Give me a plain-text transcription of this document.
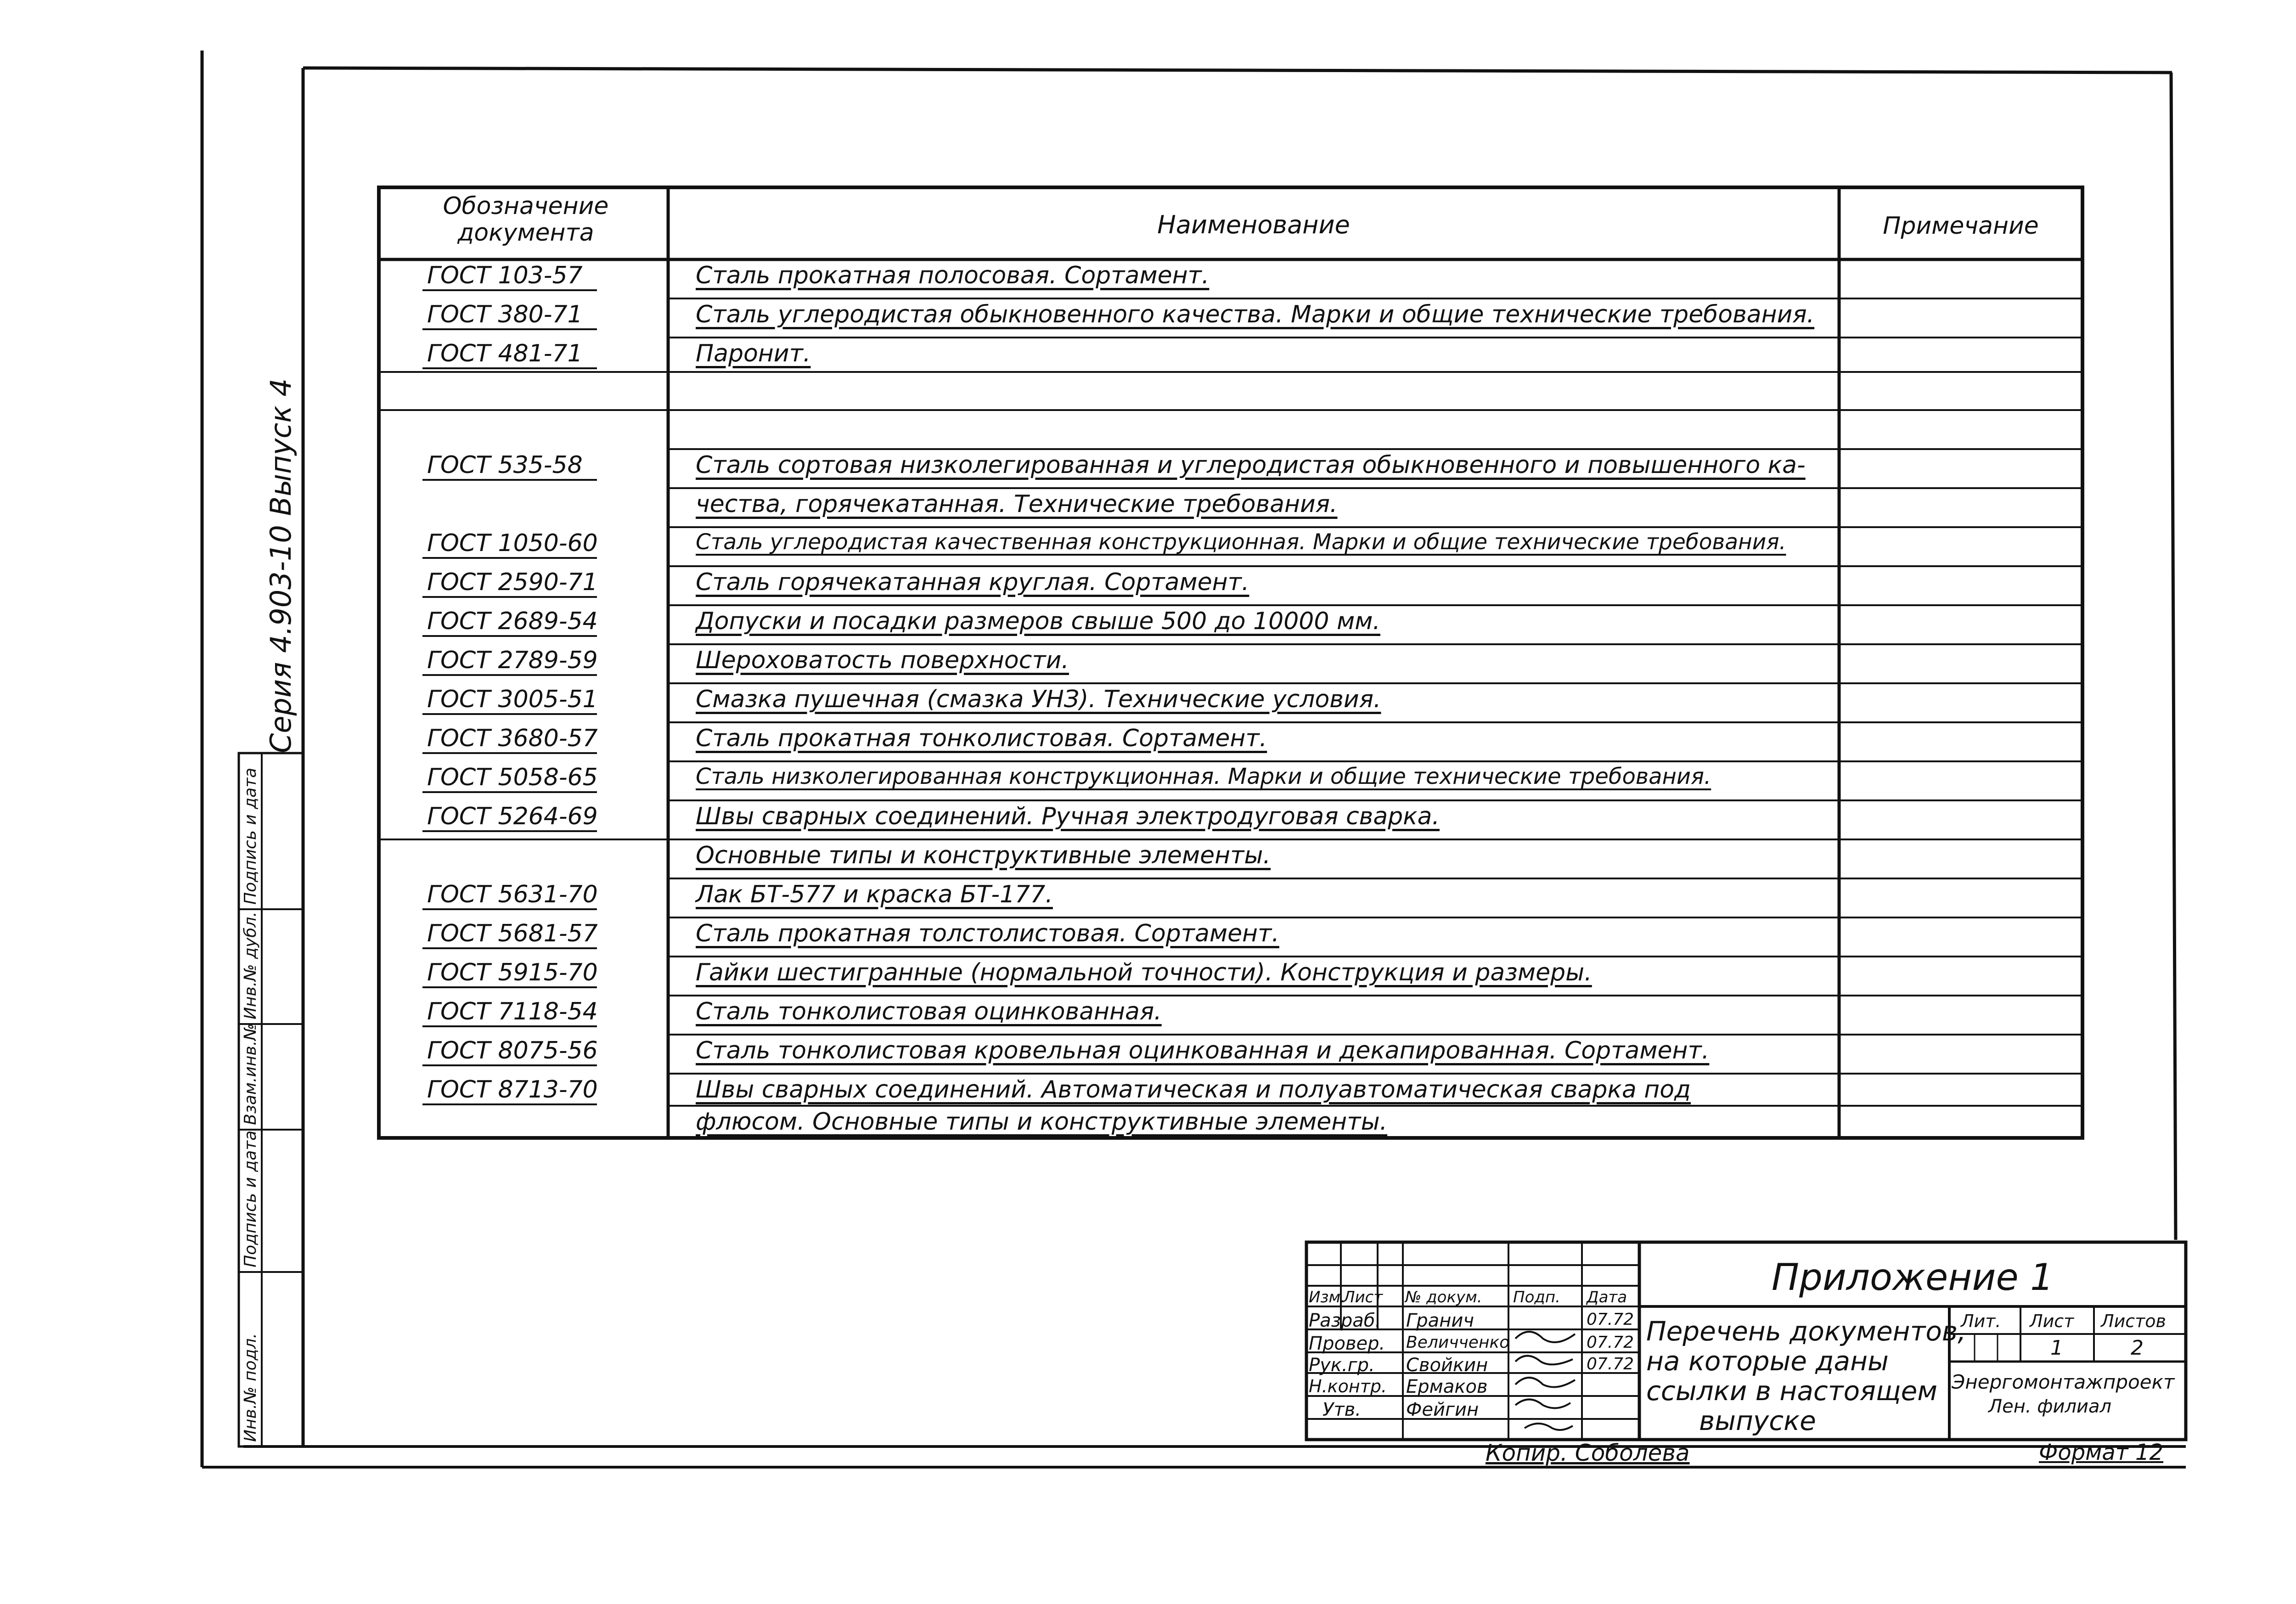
Серия 4.903-10 Выпуск 4
Инв.№ подл.
Подпись и дата
Взам.инв.№
Инв.№ дубл.
Подпись и дата
Обозначение документа	Наименование	Примечание
ГОСТ 103-57	Сталь прокатная полосовая. Сортамент.
ГОСТ 380-71	Сталь углеродистая обыкновенного качества. Марки и общие технические требования.
ГОСТ 481-71	Паронит.
ГОСТ 535-58	Сталь сортовая низколегированная и углеродистая обыкновенного и повышенного ка-
чества, горячекатанная. Технические требования.
ГОСТ 1050-60	Сталь углеродистая качественная конструкционная. Марки и общие технические требования.
ГОСТ 2590-71	Сталь горячекатанная круглая. Сортамент.
ГОСТ 2689-54	Допуски и посадки размеров свыше 500 до 10000 мм.
ГОСТ 2789-59	Шероховатость поверхности.
ГОСТ 3005-51	Смазка пушечная (смазка УНЗ). Технические условия.
ГОСТ 3680-57	Сталь прокатная тонколистовая. Сортамент.
ГОСТ 5058-65	Сталь низколегированная конструкционная. Марки и общие технические требования.
ГОСТ 5264-69	Швы сварных соединений. Ручная электродуговая сварка.
Основные типы и конструктивные элементы.
ГОСТ 5631-70	Лак БТ-577 и краска БТ-177.
ГОСТ 5681-57	Сталь прокатная толстолистовая. Сортамент.
ГОСТ 5915-70	Гайки шестигранные (нормальной точности). Конструкция и размеры.
ГОСТ 7118-54	Сталь тонколистовая оцинкованная.
ГОСТ 8075-56	Сталь тонколистовая кровельная оцинкованная и декапированная. Сортамент.
ГОСТ 8713-70	Швы сварных соединений. Автоматическая и полуавтоматическая сварка под
флюсом. Основные типы и конструктивные элементы.
Приложение 1
Перечень документов,
на которые даны
ссылки в настоящем
выпуске
Лит. Лист Листов
1	2
Энергомонтажпроект
Лен. филиал
Изм.
Лист № докум. Подп. Дата
Разраб. Гранич	07.72
Провер. Величченко	07.72
Рук.гр. Свойкин	07.72
Н.контр. Ермаков
Утв. Фейгин
Копир. Соболева	Формат 12
